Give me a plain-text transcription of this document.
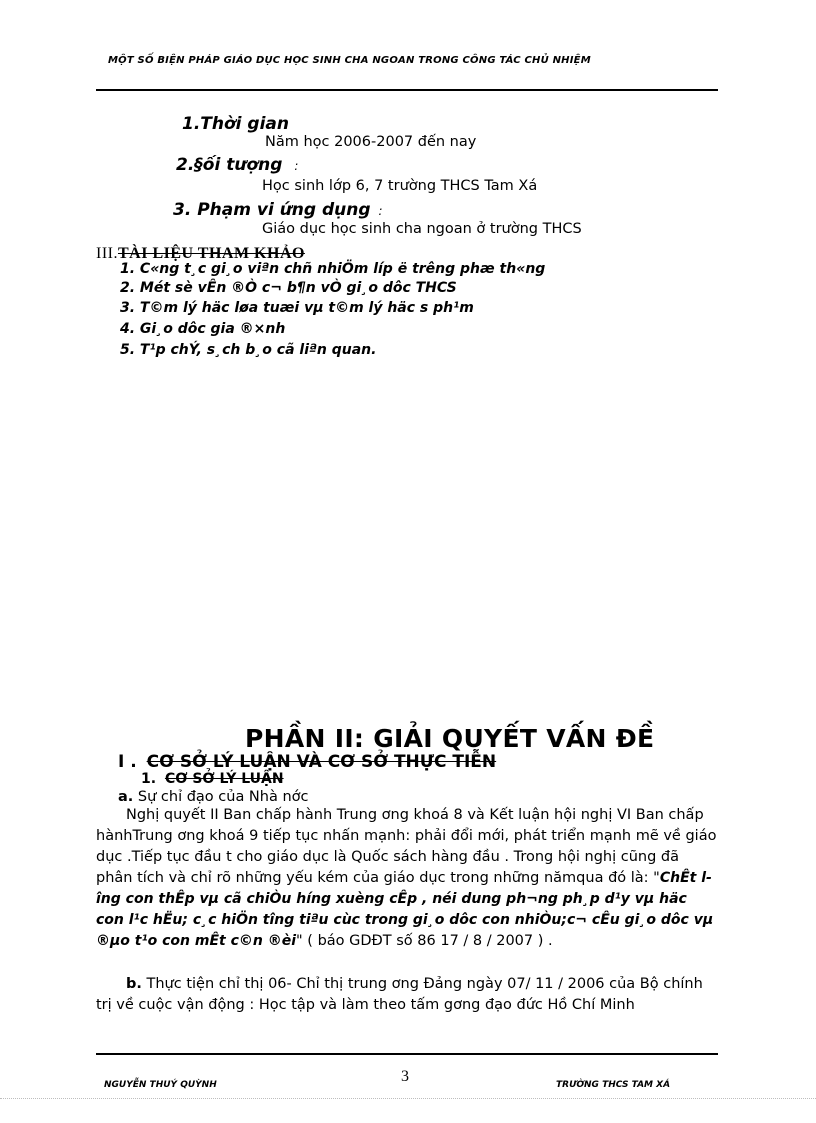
MỘT SỐ BIỆN PHÁP GIÁO DỤC HỌC SINH CHA NGOAN TRONG CÔNG TÁC CHỦ NHIỆM
1.Thời gian
Năm học 2006-2007 đến nay
2.§ối tượng :
Học sinh lớp 6, 7 trường THCS Tam Xá
3. Phạm vi ứng dụng :
Giáo dục học sinh cha ngoan ở trường THCS
III.TÀI LIỆU THAM KHẢO
1. C«ng t¸c gi¸o viªn chñ nhiÖm líp ë trêng phæ th«ng
2. Mét sè vÊn ®Ò c¬ b¶n vÒ gi¸o dôc THCS
3. T©m lý häc løa tuæi vµ t©m lý häc s ph¹m
4. Gi¸o dôc gia ®×nh
5. T¹p chÝ, s¸ch b¸o cã liªn quan.
PHẦN II: GIẢI QUYẾT VẤN ĐỀ
I . CƠ SỞ LÝ LUẬN VÀ CƠ SỞ THỰC TIỄN
1. CƠ SỞ LÝ LUẬN
a. Sự chỉ đạo của Nhà nớc
Nghị quyết II Ban chấp hành Trung ơng khoá 8 và Kết luận hội nghị VI Ban chấp hànhTrung ơng khoá 9 tiếp tục nhấn mạnh: phải đổi mới, phát triển mạnh mẽ về giáo dục .Tiếp tục đầu t cho giáo dục là Quốc sách hàng đầu . Trong hội nghị cũng đã phân tích và chỉ rõ những yếu kém của giáo dục trong những nămqua đó là: "ChÊt lîng con thÊp vµ cã chiÒu híng xuèng cÊp , néi dung ph¬ng ph¸p d¹y vµ häc con l¹c hËu; c¸c hiÖn tîng tiªu cùc trong gi¸o dôc con nhiÒu;c¬ cÊu gi¸o dôc vµ ®µo t¹o con mÊt c©n ®èi" ( báo GDĐT số 86 17 / 8 / 2007 ) .
b. Thực tiện chỉ thị 06- Chỉ thị trung ơng Đảng ngày 07/ 11 / 2006 của Bộ chính trị về cuộc vận động : Học tập và làm theo tấm gơng đạo đức Hồ Chí Minh
NGUYỄN THUÝ QUỲNH	3	TRƯỜNG THCS TAM XÁ
